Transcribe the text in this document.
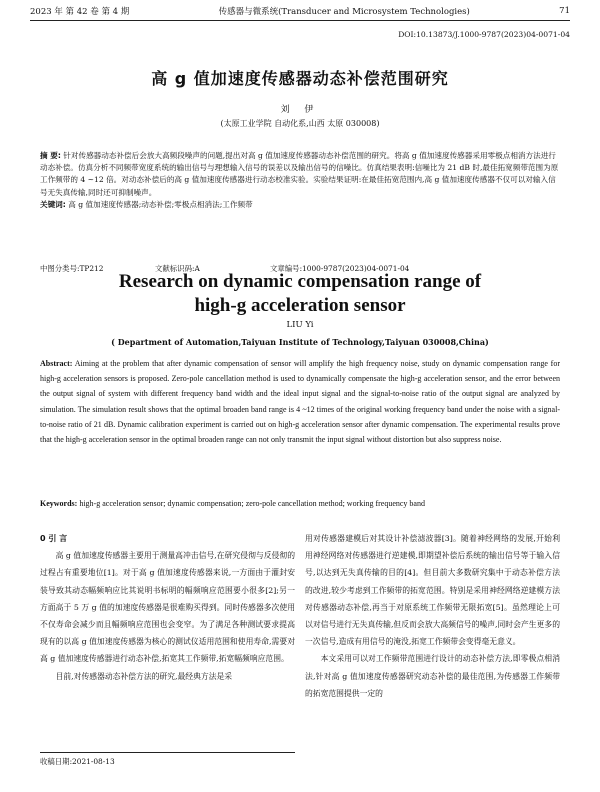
2023 年 第 42 卷 第 4 期	传感器与微系统(Transducer and Microsystem Technologies)	71
DOI:10.13873/J.1000-9787(2023)04-0071-04
高 g 值加速度传感器动态补偿范围研究
刘 伊
(太原工业学院 自动化系,山西 太原 030008)
摘 要: 针对传感器动态补偿后会放大高频段噪声的问题,提出对高 g 值加速度传感器动态补偿范围的研究。将高 g 值加速度传感器采用零极点相消方法进行动态补偿。仿真分析不同频带宽度系统的输出信号与理想输入信号的误差以及输出信号的信噪比。仿真结果表明:信噪比为 21 dB 时,最佳拓宽频带范围为原工作频带的 4 ~12 倍。对动态补偿后的高 g 值加速度传感器进行动态校准实验。实验结果证明:在最佳拓宽范围内,高 g 值加速度传感器不仅可以对输入信号无失真传输,同时还可抑制噪声。
关键词: 高 g 值加速度传感器;动态补偿;零极点相消法;工作频带
中图分类号:TP212	文献标识码:A	文章编号:1000-9787(2023)04-0071-04
Research on dynamic compensation range of
high-g acceleration sensor
LIU Yi
( Department of Automation,Taiyuan Institute of Technology,Taiyuan 030008,China)
Abstract: Aiming at the problem that after dynamic compensation of sensor will amplify the high frequency noise, study on dynamic compensation range for high-g acceleration sensors is proposed. Zero-pole cancellation method is used to dynamically compensate the high-g acceleration sensor, and the error between the output signal of system with different frequency band width and the ideal input signal and the signal-to-noise ratio of the output signal are analyzed by simulation. The simulation result shows that the optimal broaden band range is 4 ~12 times of the original working frequency band under the noise with a signal-to-noise ratio of 21 dB. Dynamic calibration experiment is carried out on high-g acceleration sensor after dynamic compensation. The experimental results prove that the high-g acceleration sensor in the optimal broaden range can not only transmit the input signal without distortion but also suppress noise.
Keywords: high-g acceleration sensor; dynamic compensation; zero-pole cancellation method; working frequency band

0 引 言

高 g 值加速度传感器主要用于测量高冲击信号,在研究侵彻与反侵彻的过程占有重要地位[1]。对于高 g 值加速度传感器来说,一方面由于灌封安装导致其动态幅频响应比其说明书标明的幅频响应范围要小很多[2];另一方面高于 5 万 g 值的加速度传感器是很难购买得到。同时传感器多次使用不仅寿命会减少而且幅频响应范围也会变窄。为了满足各种测试要求提高现有的以高 g 值加速度传感器为核心的测试仪适用范围和使用寿命,需要对高 g 值加速度传感器进行动态补偿,拓宽其工作频带,拓宽幅频响应范围。

目前,对传感器动态补偿方法的研究,最经典方法是采

用对传感器建模后对其设计补偿滤波器[3]。随着神经网络的发展,开始利用神经网络对传感器进行逆建模,即期望补偿后系统的输出信号等于输入信号,以达到无失真传输的目的[4]。但目前大多数研究集中于动态补偿方法的改进,较少考虑到工作频带的拓宽范围。特别是采用神经网络逆建模方法对传感器动态补偿,再当于对原系统工作频带无限拓宽[5]。虽然理论上可以对信号进行无失真传输,但反而会放大高频信号的噪声,同时会产生更多的一次信号,造成有用信号的淹没,拓宽工作频带会变得毫无意义。

本文采用可以对工作频带范围进行设计的动态补偿方法,即零极点相消法,针对高 g 值加速度传感器研究动态补偿的最佳范围,为传感器工作频带的拓宽范围提供一定的

收稿日期:2021-08-13
